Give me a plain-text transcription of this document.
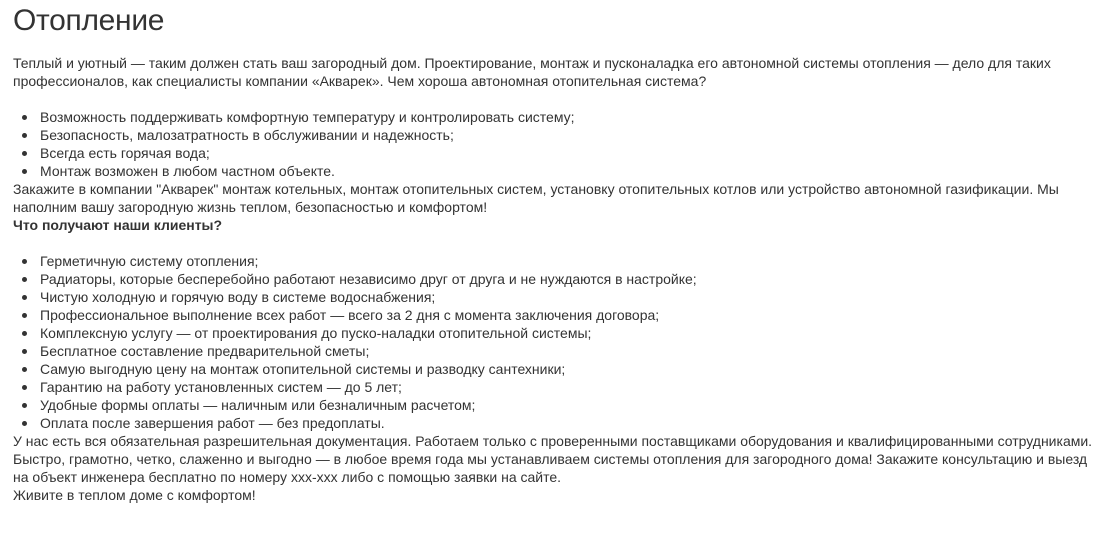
Отопление

Теплый и уютный — таким должен стать ваш загородный дом. Проектирование, монтаж и пусконаладка его автономной системы отопления — дело для таких профессионалов, как специалисты компании «Акварек». Чем хороша автономная отопительная система?

Возможность поддерживать комфортную температуру и контролировать систему;
Безопасность, малозатратность в обслуживании и надежность;
Всегда есть горячая вода;
Монтаж возможен в любом частном объекте.

Закажите в компании "Акварек" монтаж котельных, монтаж отопительных систем, установку отопительных котлов или устройство автономной газификации. Мы наполним вашу загородную жизнь теплом, безопасностью и комфортом!

Что получают наши клиенты?

Герметичную систему отопления;
Радиаторы, которые бесперебойно работают независимо друг от друга и не нуждаются в настройке;
Чистую холодную и горячую воду в системе водоснабжения;
Профессиональное выполнение всех работ — всего за 2 дня с момента заключения договора;
Комплексную услугу — от проектирования до пуско-наладки отопительной системы;
Бесплатное составление предварительной сметы;
Самую выгодную цену на монтаж отопительной системы и разводку сантехники;
Гарантию на работу установленных систем — до 5 лет;
Удобные формы оплаты — наличным или безналичным расчетом;
Оплата после завершения работ — без предоплаты.

У нас есть вся обязательная разрешительная документация. Работаем только с проверенными поставщиками оборудования и квалифицированными сотрудниками.

Быстро, грамотно, четко, слаженно и выгодно — в любое время года мы устанавливаем системы отопления для загородного дома! Закажите консультацию и выезд на объект инженера бесплатно по номеру ххх-ххх либо с помощью заявки на сайте.

Живите в теплом доме с комфортом!
